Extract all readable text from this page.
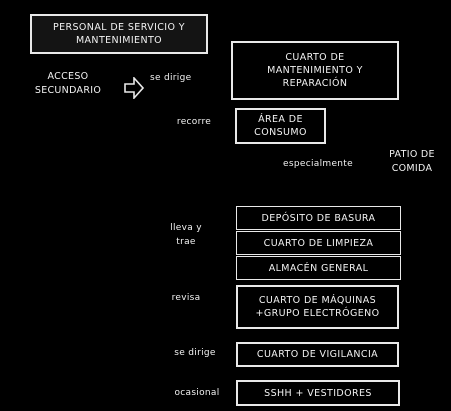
PERSONAL DE SERVICIO Y
MANTENIMIENTO
ACCESO
SECUNDARIO
se dirige
CUARTO DE
MANTENIMIENTO Y
REPARACIÓN
recorre	ÁREA DE
CONSUMO
especialmente
PATIO DE
COMIDA
lleva y
trae
DEPÓSITO DE BASURA
CUARTO DE LIMPIEZA
ALMACÉN GENERAL
revisa	CUARTO DE MÁQUINAS
+GRUPO ELECTRÓGENO
se dirige	CUARTO DE VIGILANCIA
ocasional	SSHH + VESTIDORES
